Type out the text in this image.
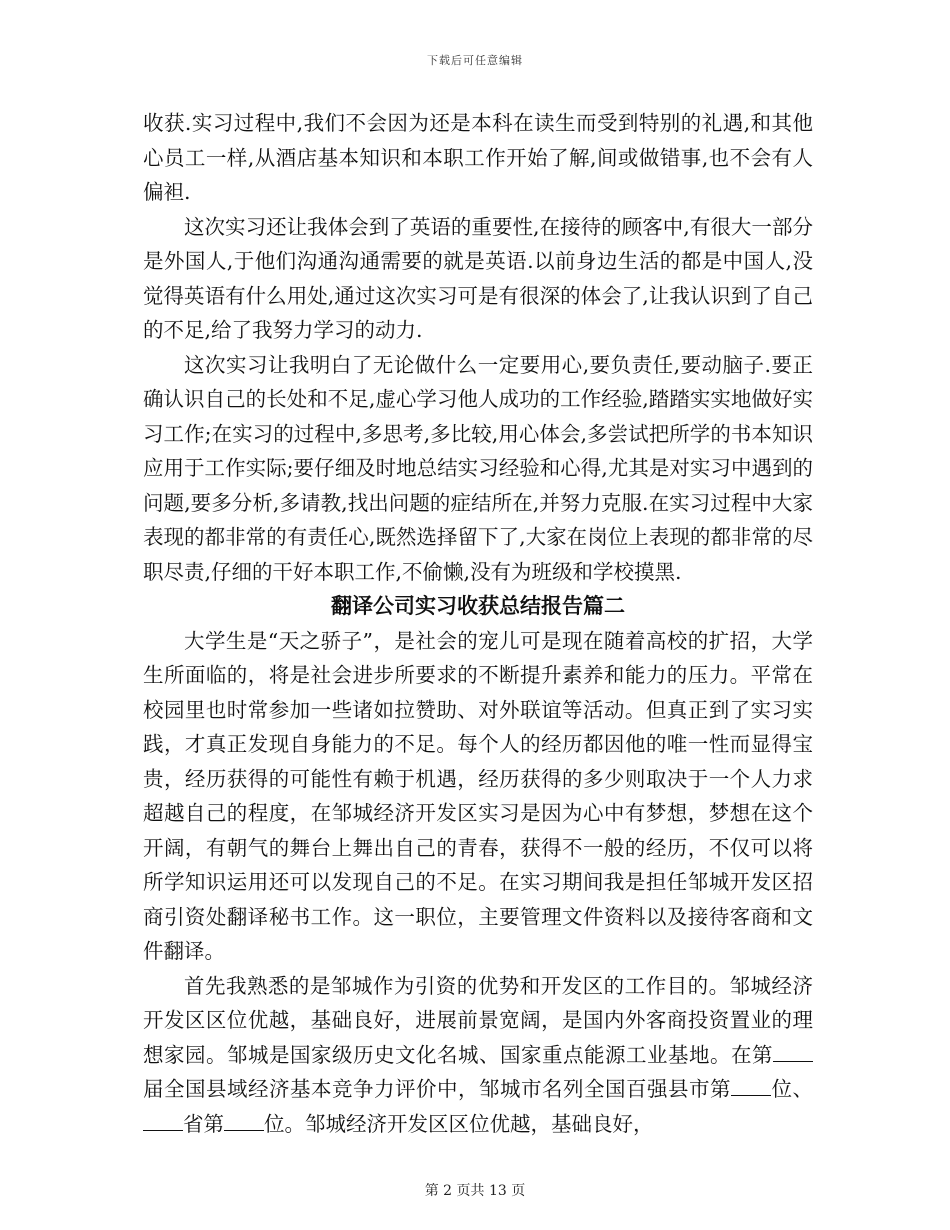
下载后可任意编辑

收获.实习过程中,我们不会因为还是本科在读生而受到特别的礼遇,和其他心员工一样,从酒店基本知识和本职工作开始了解,间或做错事,也不会有人偏袒.

这次实习还让我体会到了英语的重要性,在接待的顾客中,有很大一部分是外国人,于他们沟通沟通需要的就是英语.以前身边生活的都是中国人,没觉得英语有什么用处,通过这次实习可是有很深的体会了,让我认识到了自己的不足,给了我努力学习的动力.

这次实习让我明白了无论做什么一定要用心,要负责任,要动脑子.要正确认识自己的长处和不足,虚心学习他人成功的工作经验,踏踏实实地做好实习工作;在实习的过程中,多思考,多比较,用心体会,多尝试把所学的书本知识应用于工作实际;要仔细及时地总结实习经验和心得,尤其是对实习中遇到的问题,要多分析,多请教,找出问题的症结所在,并努力克服.在实习过程中大家表现的都非常的有责任心,既然选择留下了,大家在岗位上表现的都非常的尽职尽责,仔细的干好本职工作,不偷懒,没有为班级和学校摸黑.

翻译公司实习收获总结报告篇二

大学生是“天之骄子”，是社会的宠儿可是现在随着高校的扩招，大学生所面临的，将是社会进步所要求的不断提升素养和能力的压力。平常在校园里也时常参加一些诸如拉赞助、对外联谊等活动。但真正到了实习实践，才真正发现自身能力的不足。每个人的经历都因他的唯一性而显得宝贵，经历获得的可能性有赖于机遇，经历获得的多少则取决于一个人力求超越自己的程度，在邹城经济开发区实习是因为心中有梦想，梦想在这个开阔，有朝气的舞台上舞出自己的青春，获得不一般的经历，不仅可以将所学知识运用还可以发现自己的不足。在实习期间我是担任邹城开发区招商引资处翻译秘书工作。这一职位，主要管理文件资料以及接待客商和文件翻译。

首先我熟悉的是邹城作为引资的优势和开发区的工作目的。邹城经济开发区区位优越，基础良好，进展前景宽阔，是国内外客商投资置业的理想家园。邹城是国家级历史文化名城、国家重点能源工业基地。在第届全国县域经济基本竞争力评价中，邹城市名列全国百强县市第 位、省第 位。邹城经济开发区区位优越，基础良好，

第 2 页共 13 页
